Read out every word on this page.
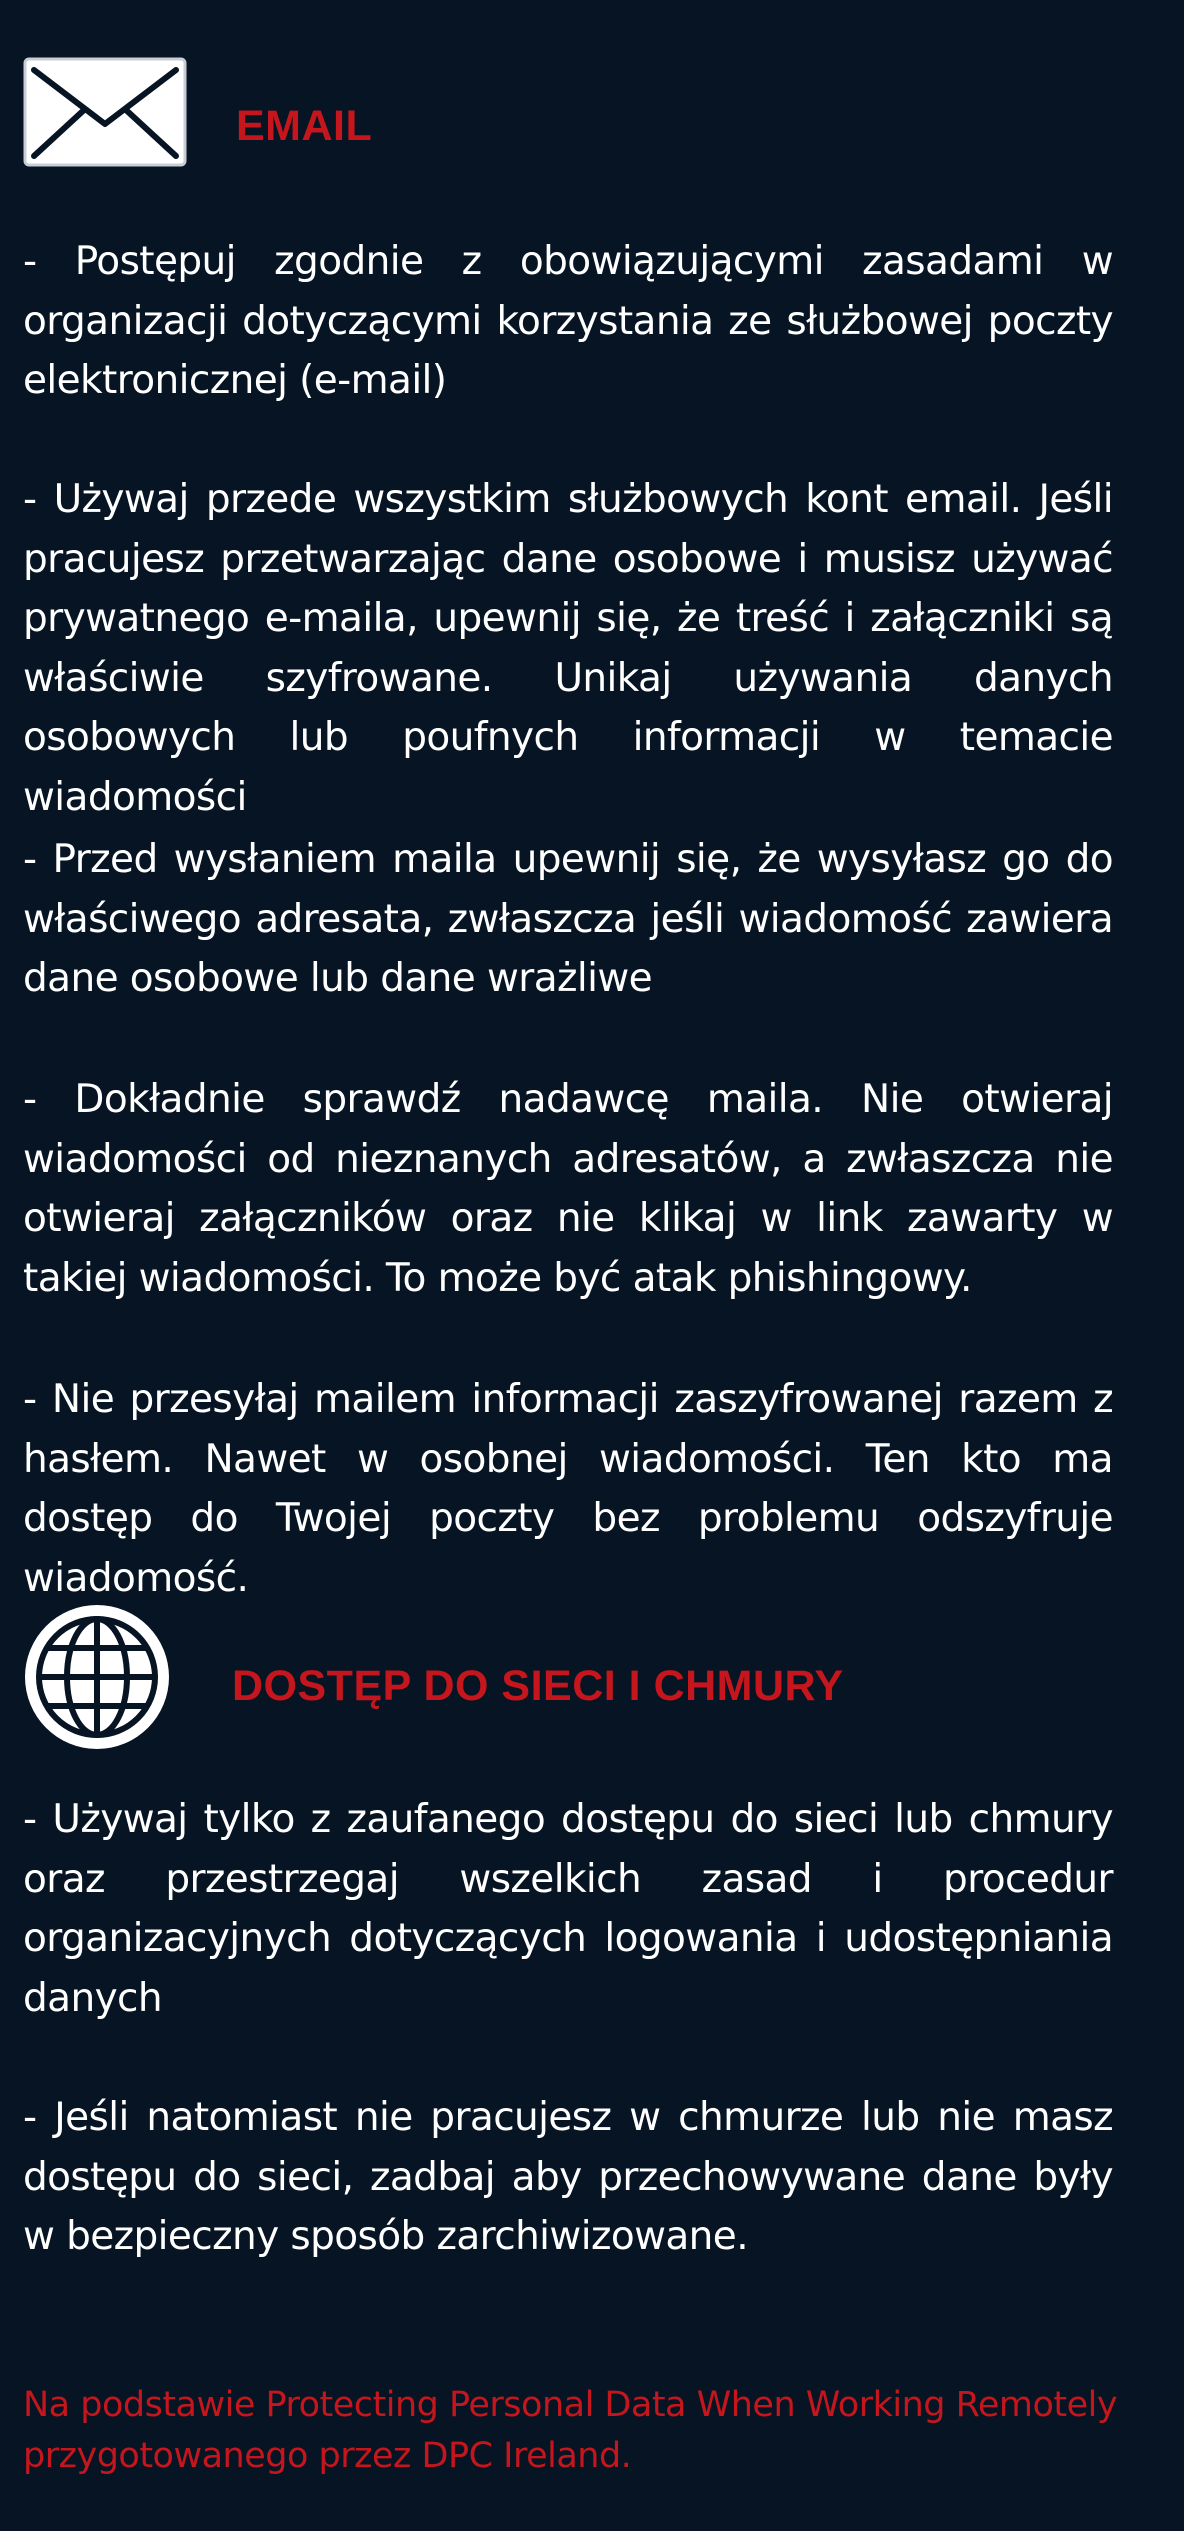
EMAIL

- Postępuj zgodnie z obowiązującymi zasadami w organizacji dotyczącymi korzystania ze służbowej poczty elektronicznej (e-mail)

- Używaj przede wszystkim służbowych kont email. Jeśli pracujesz przetwarzając dane osobowe i musisz używać prywatnego e-maila, upewnij się, że treść i załączniki są właściwie szyfrowane. Unikaj używania danych osobowych lub poufnych informacji w temacie wiadomości

- Przed wysłaniem maila upewnij się, że wysyłasz go do właściwego adresata, zwłaszcza jeśli wiadomość zawiera dane osobowe lub dane wrażliwe

- Dokładnie sprawdź nadawcę maila. Nie otwieraj wiadomości od nieznanych adresatów, a zwłaszcza nie otwieraj załączników oraz nie klikaj w link zawarty w takiej wiadomości. To może być atak phishingowy.

- Nie przesyłaj mailem informacji zaszyfrowanej razem z hasłem. Nawet w osobnej wiadomości. Ten kto ma dostęp do Twojej poczty bez problemu odszyfruje wiadomość.

DOSTĘP DO SIECI I CHMURY

- Używaj tylko z zaufanego dostępu do sieci lub chmury oraz przestrzegaj wszelkich zasad i procedur organizacyjnych dotyczących logowania i udostępniania danych

- Jeśli natomiast nie pracujesz w chmurze lub nie masz dostępu do sieci, zadbaj aby przechowywane dane były w bezpieczny sposób zarchiwizowane.

Na podstawie Protecting Personal Data When Working Remotely przygotowanego przez DPC Ireland.
